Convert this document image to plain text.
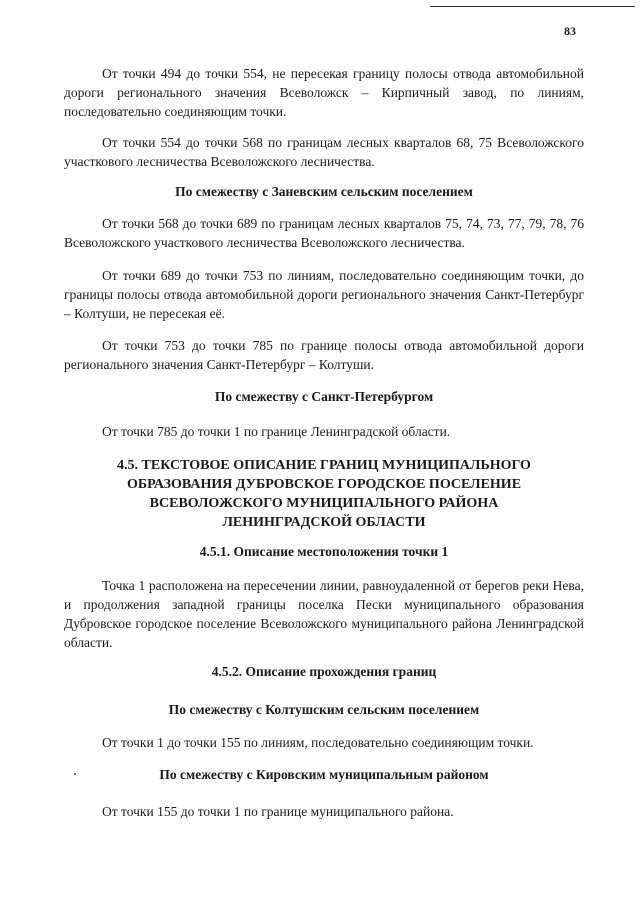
83

От точки 494 до точки 554, не пересекая границу полосы отвода автомобильной дороги регионального значения Всеволожск – Кирпичный завод, по линиям, последовательно соединяющим точки.

От точки 554 до точки 568 по границам лесных кварталов 68, 75 Всеволожского участкового лесничества Всеволожского лесничества.

По смежеству с Заневским сельским поселением

От точки 568 до точки 689 по границам лесных кварталов 75, 74, 73, 77, 79, 78, 76 Всеволожского участкового лесничества Всеволожского лесничества.

От точки 689 до точки 753 по линиям, последовательно соединяющим точки, до границы полосы отвода автомобильной дороги регионального значения Санкт-Петербург – Колтуши, не пересекая её.

От точки 753 до точки 785 по границе полосы отвода автомобильной дороги регионального значения Санкт-Петербург – Колтуши.

По смежеству с Санкт-Петербургом

От точки 785 до точки 1 по границе Ленинградской области.

4.5. ТЕКСТОВОЕ ОПИСАНИЕ ГРАНИЦ МУНИЦИПАЛЬНОГО ОБРАЗОВАНИЯ ДУБРОВСКОЕ ГОРОДСКОЕ ПОСЕЛЕНИЕ ВСЕВОЛОЖСКОГО МУНИЦИПАЛЬНОГО РАЙОНА ЛЕНИНГРАДСКОЙ ОБЛАСТИ

4.5.1. Описание местоположения точки 1

Точка 1 расположена на пересечении линии, равноудаленной от берегов реки Нева, и продолжения западной границы поселка Пески муниципального образования Дубровское городское поселение Всеволожского муниципального района Ленинградской области.

4.5.2. Описание прохождения границ

По смежеству с Колтушским сельским поселением

От точки 1 до точки 155 по линиям, последовательно соединяющим точки.

По смежеству с Кировским муниципальным районом

От точки 155 до точки 1 по границе муниципального района.
